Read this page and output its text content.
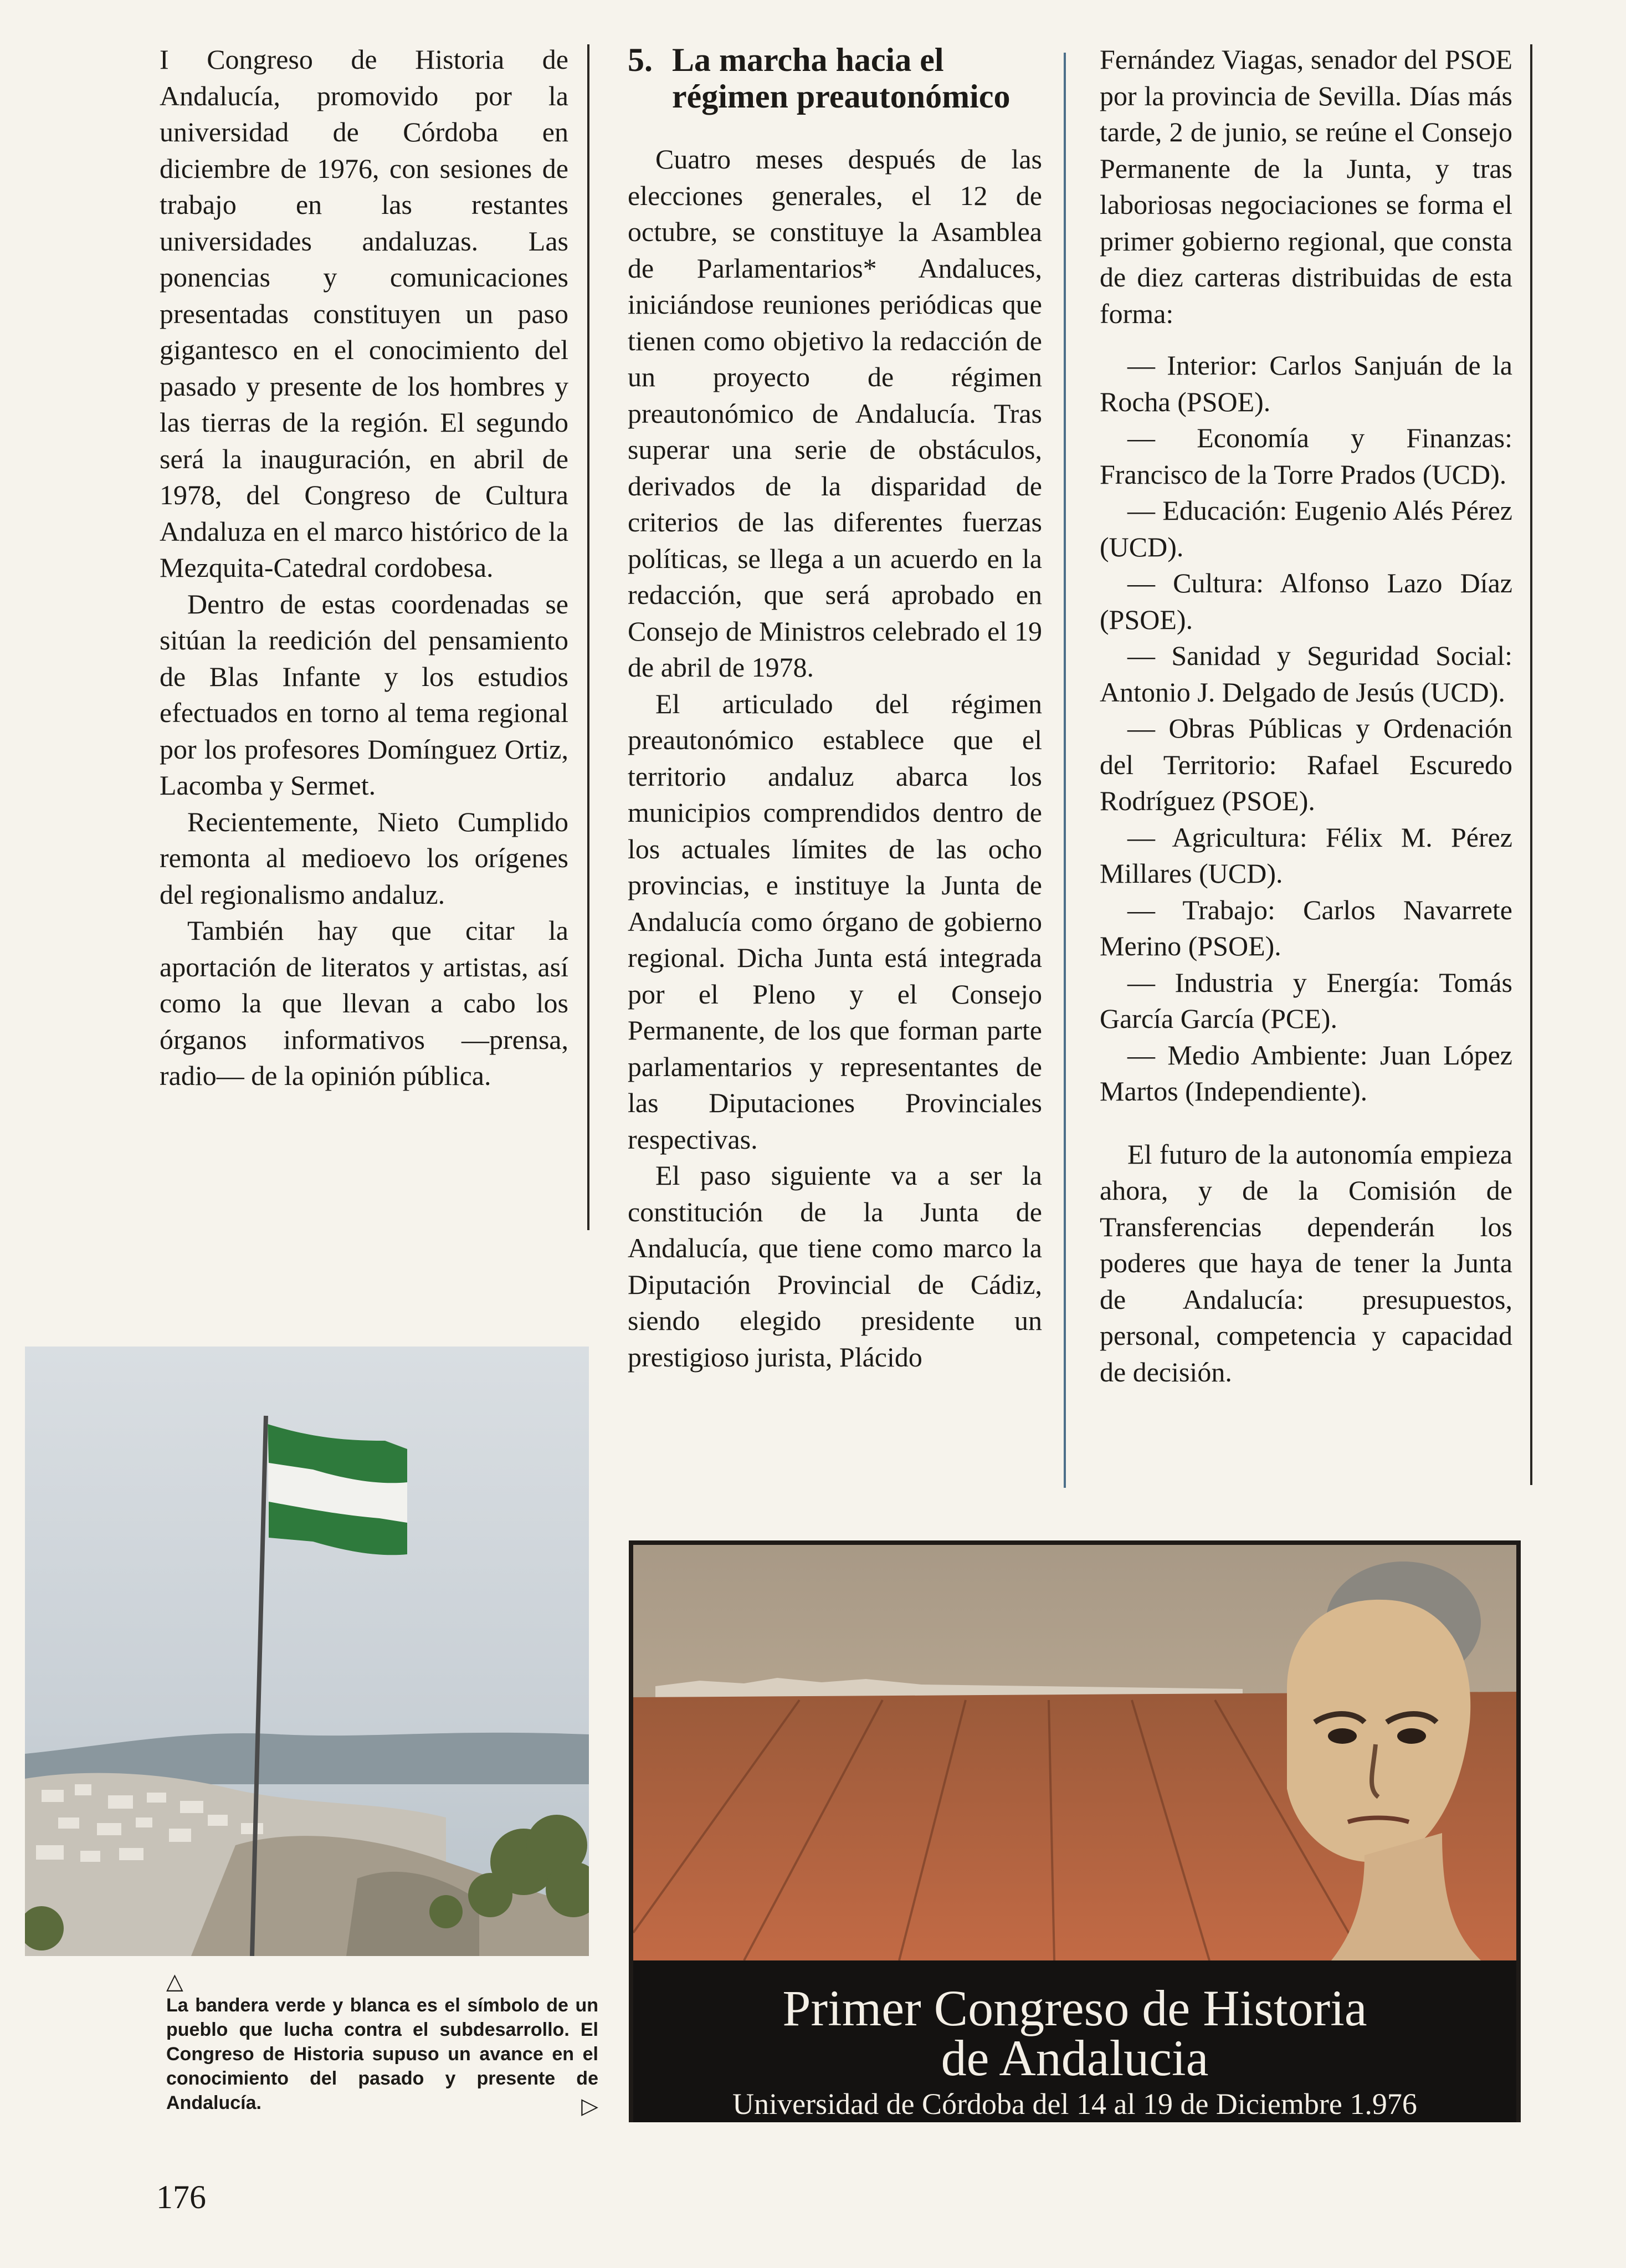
I Congreso de Historia de Andalucía, promovido por la universidad de Córdoba en diciembre de 1976, con sesiones de trabajo en las restantes universidades andaluzas. Las ponencias y comunicaciones presentadas constituyen un paso gigantesco en el conocimiento del pasado y presente de los hombres y las tierras de la región. El segundo será la inauguración, en abril de 1978, del Congreso de Cultura Andaluza en el marco histórico de la Mezquita-Catedral cordobesa.

Dentro de estas coordenadas se sitúan la reedición del pensamiento de Blas Infante y los estudios efectuados en torno al tema regional por los profesores Domínguez Ortiz, Lacomba y Sermet.

Recientemente, Nieto Cumplido remonta al medioevo los orígenes del regionalismo andaluz.

También hay que citar la aportación de literatos y artistas, así como la que llevan a cabo los órganos informativos —prensa, radio— de la opinión pública.

5. La marcha hacia el régimen preautonómico

Cuatro meses después de las elecciones generales, el 12 de octubre, se constituye la Asamblea de Parlamentarios* Andaluces, iniciándose reuniones periódicas que tienen como objetivo la redacción de un proyecto de régimen preautonómico de Andalucía. Tras superar una serie de obstáculos, derivados de la disparidad de criterios de las diferentes fuerzas políticas, se llega a un acuerdo en la redacción, que será aprobado en Consejo de Ministros celebrado el 19 de abril de 1978.

El articulado del régimen preautonómico establece que el territorio andaluz abarca los municipios comprendidos dentro de los actuales límites de las ocho provincias, e instituye la Junta de Andalucía como órgano de gobierno regional. Dicha Junta está integrada por el Pleno y el Consejo Permanente, de los que forman parte parlamentarios y representantes de las Diputaciones Provinciales respectivas.

El paso siguiente va a ser la constitución de la Junta de Andalucía, que tiene como marco la Diputación Provincial de Cádiz, siendo elegido presidente un prestigioso jurista, Plácido

Fernández Viagas, senador del PSOE por la provincia de Sevilla. Días más tarde, 2 de junio, se reúne el Consejo Permanente de la Junta, y tras laboriosas negociaciones se forma el primer gobierno regional, que consta de diez carteras distribuidas de esta forma:

— Interior: Carlos Sanjuán de la Rocha (PSOE).

— Economía y Finanzas: Francisco de la Torre Prados (UCD).

— Educación: Eugenio Alés Pérez (UCD).

— Cultura: Alfonso Lazo Díaz (PSOE).

— Sanidad y Seguridad Social: Antonio J. Delgado de Jesús (UCD).

— Obras Públicas y Ordenación del Territorio: Rafael Escuredo Rodríguez (PSOE).

— Agricultura: Félix M. Pérez Millares (UCD).

— Trabajo: Carlos Navarrete Merino (PSOE).

— Industria y Energía: Tomás García García (PCE).

— Medio Ambiente: Juan López Martos (Independiente).

El futuro de la autonomía empieza ahora, y de la Comisión de Transferencias dependerán los poderes que haya de tener la Junta de Andalucía: presupuestos, personal, competencia y capacidad de decisión.

△
La bandera verde y blanca es el símbolo de un pueblo que lucha contra el subdesarrollo. El Congreso de Historia supuso un avance en el conocimiento del pasado y presente de Andalucía.	▷
Primer Congreso de Historia
de Andalucia
Universidad de Córdoba del 14 al 19 de Diciembre 1.976
176
